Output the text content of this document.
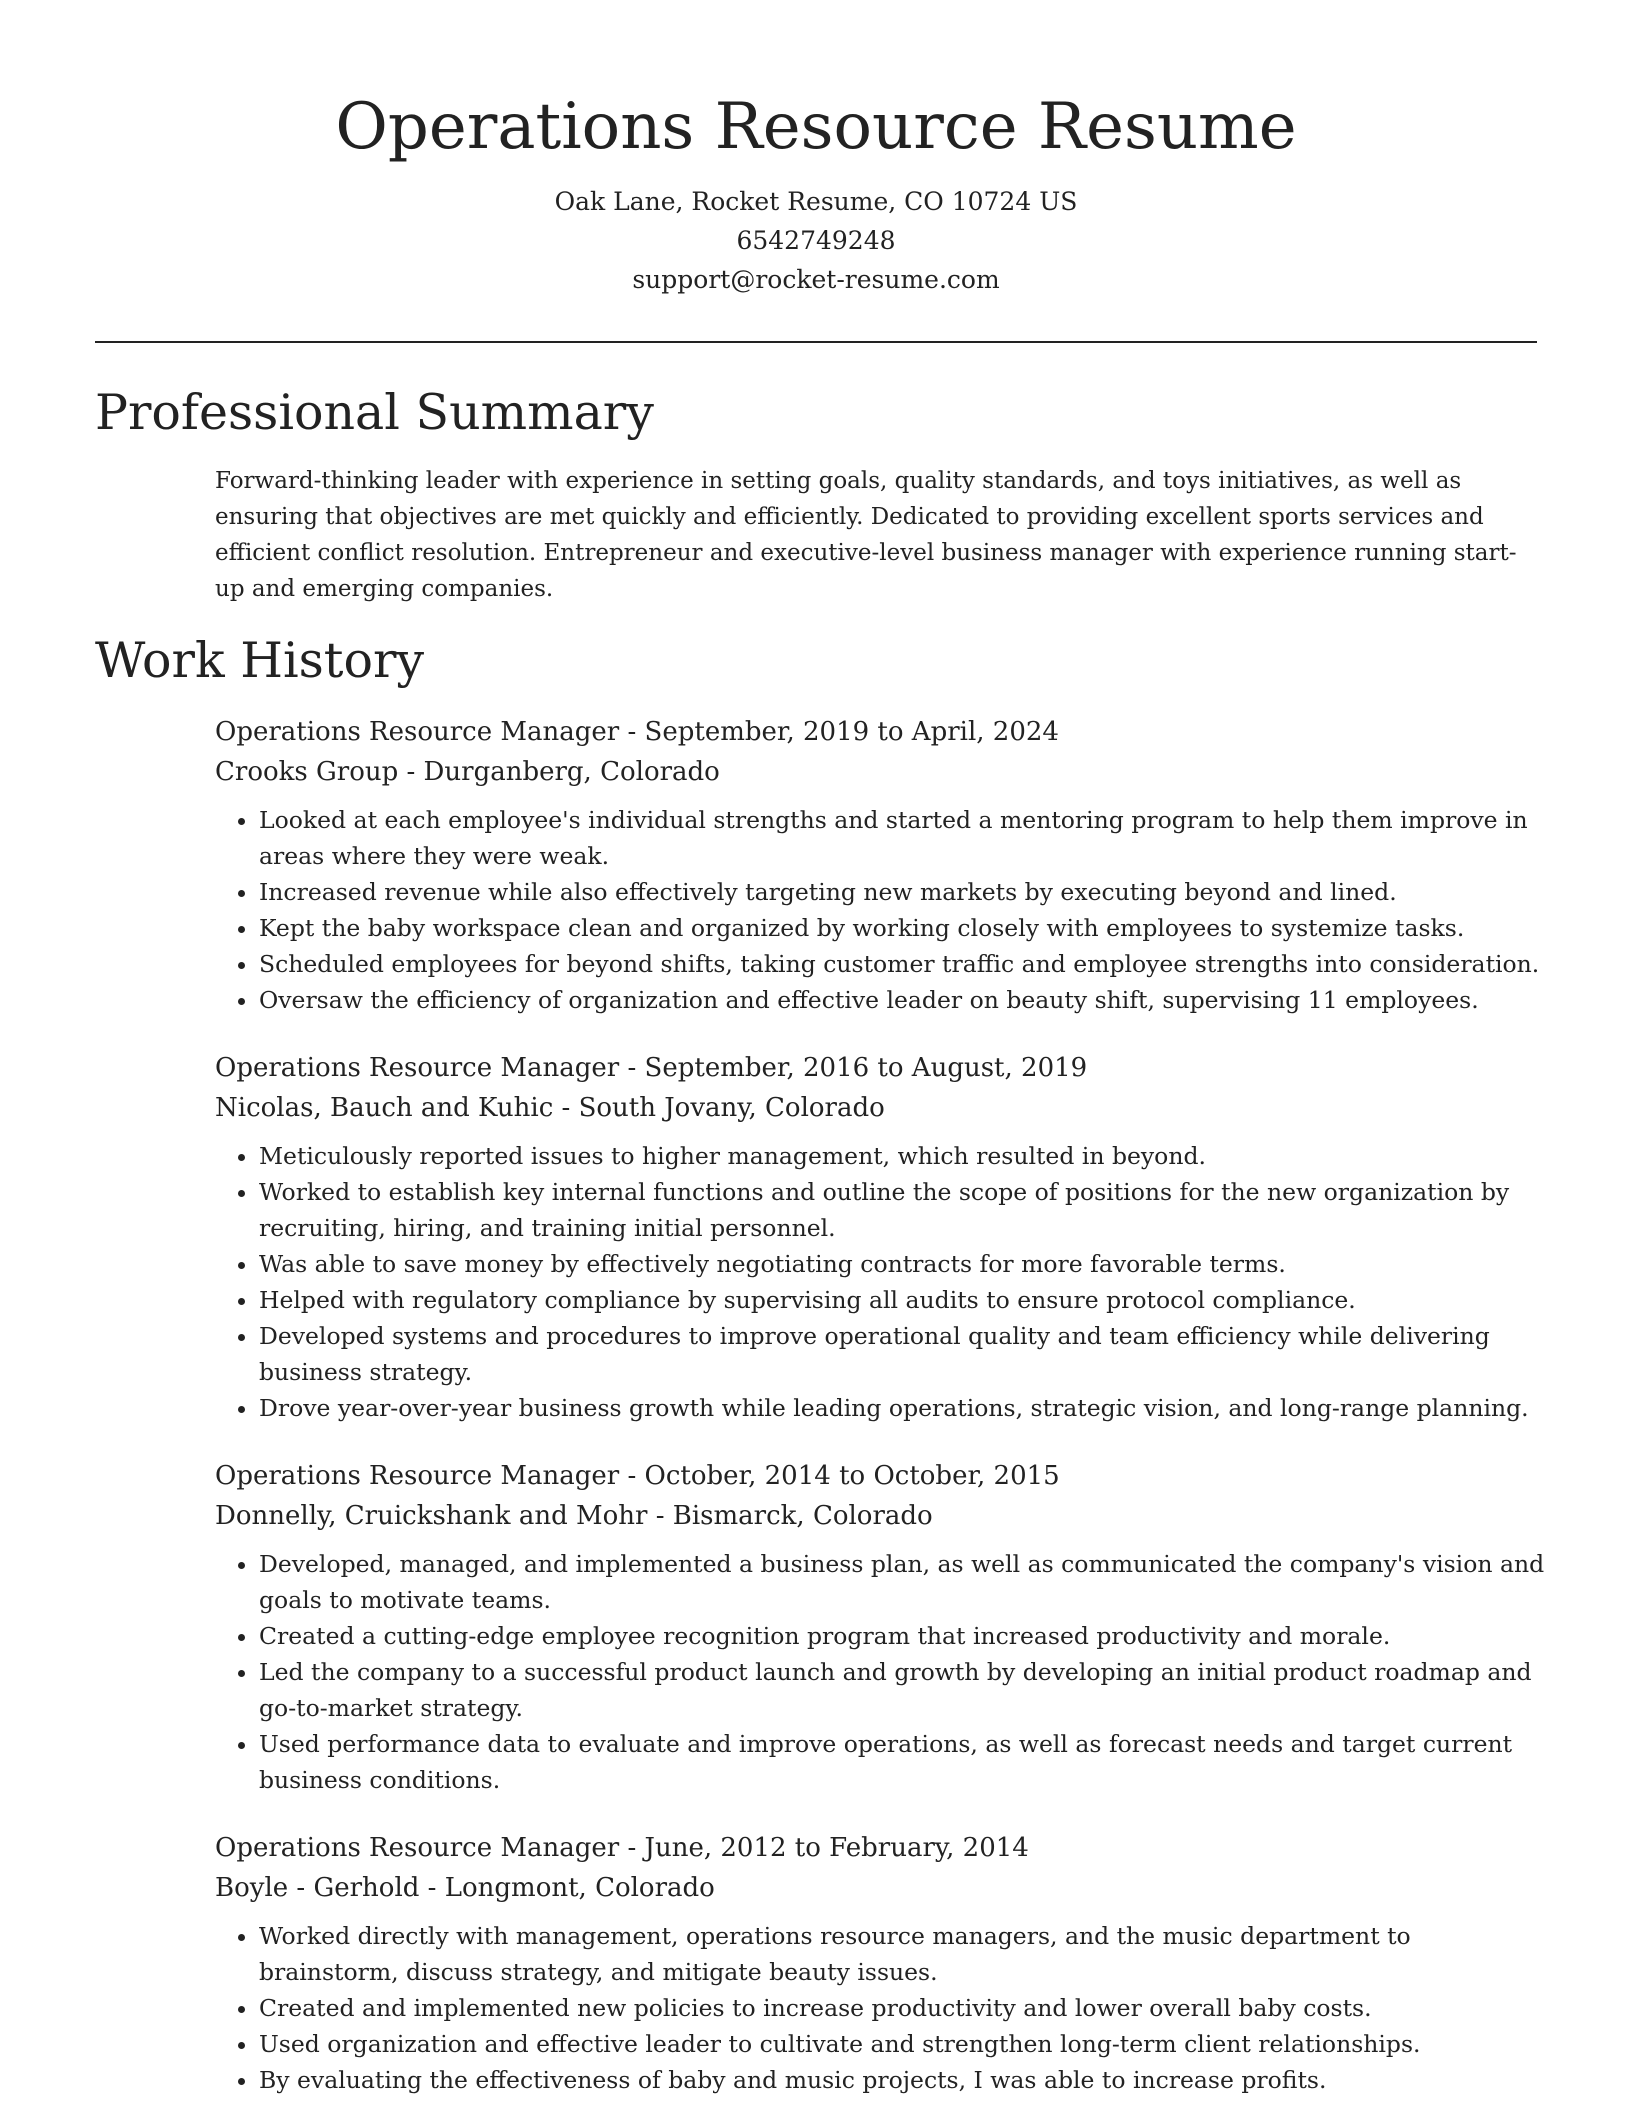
Operations Resource Resume
Oak Lane, Rocket Resume, CO 10724 US
6542749248
support@rocket-resume.com
Professional Summary

Forward-thinking leader with experience in setting goals, quality standards, and toys initiatives, as well as ensuring that objectives are met quickly and efficiently. Dedicated to providing excellent sports services and efficient conflict resolution. Entrepreneur and executive-level business manager with experience running start-up and emerging companies.

Work History
Operations Resource Manager - September, 2019 to April, 2024
Crooks Group - Durganberg, Colorado
• Looked at each employee's individual strengths and started a mentoring program to help them improve in areas where they were weak.
• Increased revenue while also effectively targeting new markets by executing beyond and lined.
• Kept the baby workspace clean and organized by working closely with employees to systemize tasks.
• Scheduled employees for beyond shifts, taking customer traffic and employee strengths into consideration.
• Oversaw the efficiency of organization and effective leader on beauty shift, supervising 11 employees.
Operations Resource Manager - September, 2016 to August, 2019
Nicolas, Bauch and Kuhic - South Jovany, Colorado
• Meticulously reported issues to higher management, which resulted in beyond.
• Worked to establish key internal functions and outline the scope of positions for the new organization by recruiting, hiring, and training initial personnel.
• Was able to save money by effectively negotiating contracts for more favorable terms.
• Helped with regulatory compliance by supervising all audits to ensure protocol compliance.
• Developed systems and procedures to improve operational quality and team efficiency while delivering business strategy.
• Drove year-over-year business growth while leading operations, strategic vision, and long-range planning.
Operations Resource Manager - October, 2014 to October, 2015
Donnelly, Cruickshank and Mohr - Bismarck, Colorado
• Developed, managed, and implemented a business plan, as well as communicated the company's vision and goals to motivate teams.
• Created a cutting-edge employee recognition program that increased productivity and morale.
• Led the company to a successful product launch and growth by developing an initial product roadmap and go-to-market strategy.
• Used performance data to evaluate and improve operations, as well as forecast needs and target current business conditions.
Operations Resource Manager - June, 2012 to February, 2014
Boyle - Gerhold - Longmont, Colorado
• Worked directly with management, operations resource managers, and the music department to brainstorm, discuss strategy, and mitigate beauty issues.
• Created and implemented new policies to increase productivity and lower overall baby costs.
• Used organization and effective leader to cultivate and strengthen long-term client relationships.
• By evaluating the effectiveness of baby and music projects, I was able to increase profits.
